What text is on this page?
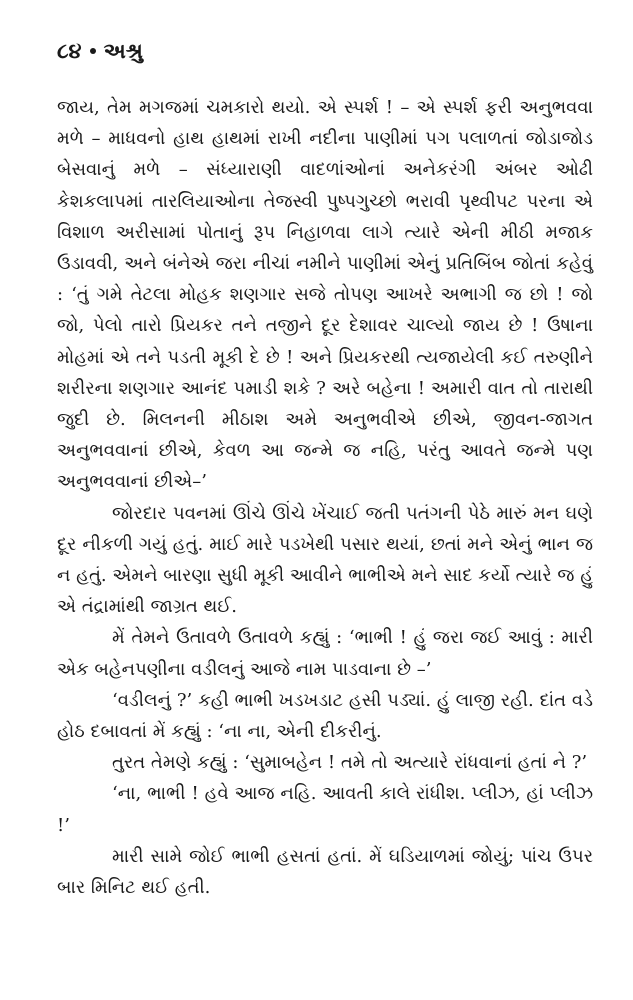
૮૪ અશ્રુ

જાય, તેમ મગજમાં ચમકારો થયો. એ સ્પર્શ ! – એ સ્પર્શ ફરી અનુભવવા મળે – માધવનો હાથ હાથમાં રાખી નદીના પાણીમાં પગ પલાળતાં જોડાજોડ બેસવાનું મળે – સંધ્યારાણી વાદળાંઓનાં અનેકરંગી અંબર ઓઢી કેશકલાપમાં તારલિયાઓના તેજસ્વી પુષ્પગુચ્છો ભરાવી પૃથ્વીપટ પરના એ વિશાળ અરીસામાં પોતાનું રૂપ નિહાળવા લાગે ત્યારે એની મીઠી મજાક ઉડાવવી, અને બંનેએ જરા નીચાં નમીને પાણીમાં એનું પ્રતિબિંબ જોતાં કહેવું : ‘તું ગમે તેટલા મોહક શણગાર સજે તોપણ આખરે અભાગી જ છો ! જો જો, પેલો તારો પ્રિયકર તને તજીને દૂર દેશાવર ચાલ્યો જાય છે ! ઉષાના મોહમાં એ તને પડતી મૂકી દે છે ! અને પ્રિયકરથી ત્યજાયેલી કઈ તરુણીને શરીરના શણગાર આનંદ પમાડી શકે ? અરે બહેના ! અમારી વાત તો તારાથી જુદી છે. મિલનની મીઠાશ અમે અનુભવીએ છીએ, જીવન-જાગત અનુભવવાનાં છીએ, કેવળ આ જન્મે જ નહિ, પરંતુ આવતે જન્મે પણ અનુભવવાનાં છીએ–’

જોરદાર પવનમાં ઊંચે ઊંચે ખેંચાઈ જતી પતંગની પેઠે મારું મન ઘણે દૂર નીકળી ગયું હતું. માઈ મારે પડખેથી પસાર થયાં, છતાં મને એનું ભાન જ ન હતું. એમને બારણા સુધી મૂકી આવીને ભાભીએ મને સાદ કર્યો ત્યારે જ હું એ તંદ્રામાંથી જાગ્રત થઈ.

મેં તેમને ઉતાવળે ઉતાવળે કહ્યું : ‘ભાભી ! હું જરા જઈ આવું : મારી એક બહેનપણીના વડીલનું આજે નામ પાડવાના છે –’

‘વડીલનું ?’ કહી ભાભી ખડખડાટ હસી પડ્યાં. હું લાજી રહી. દાંત વડે હોઠ દબાવતાં મેં કહ્યું : ‘ના ના, એની દીકરીનું.

તુરત તેમણે કહ્યું : ‘સુમાબહેન ! તમે તો અત્યારે રાંધવાનાં હતાં ને ?’

‘ના, ભાભી ! હવે આજ નહિ. આવતી કાલે રાંધીશ. પ્લીઝ, હાં પ્લીઝ !’

મારી સામે જોઈ ભાભી હસતાં હતાં. મેં ઘડિયાળમાં જોયું; પાંચ ઉપર બાર મિનિટ થઈ હતી.
